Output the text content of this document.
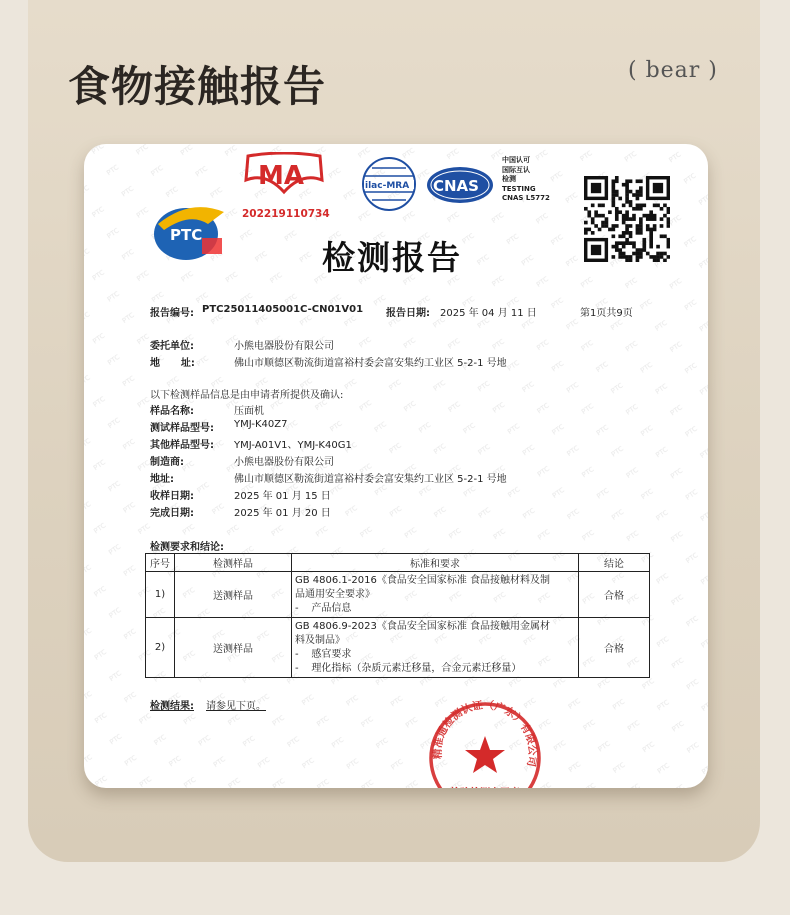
食物接触报告	( bear )
PTC
MA
202219110734
ilac-MRA CNAS
中国认可
国际互认
检测
TESTING
CNAS L5772
检测报告
报告编号: PTC25011405001C-CN01V01 报告日期: 2025 年 04 月 11 日	第1页共9页
委托单位:	小熊电器股份有限公司
地      址:	佛山市顺德区勒流街道富裕村委会富安集约工业区 5-2-1 号地
以下检测样品信息是由申请者所提供及确认:
样品名称:	压面机
测试样品型号: YMJ-K40Z7
其他样品型号: YMJ-A01V1、YMJ-K40G1
制造商:	小熊电器股份有限公司
地址:	佛山市顺德区勒流街道富裕村委会富安集约工业区 5-2-1 号地
收样日期:	2025 年 01 月 15 日
完成日期:	2025 年 01 月 20 日
检测要求和结论:
序号	检测样品	标准和要求	结论
1)	送测样品	GB 4806.1-2016《食品安全国家标准 食品接触材料及制
品通用安全要求》
-    产品信息	合格
2)	送测样品	GB 4806.9-2023《食品安全国家标准 食品接触用金属材
料及制品》
-    感官要求
-    理化指标（杂质元素迁移量，合金元素迁移量）	合格
检测结果: 请参见下页。
精准通检测认证（广东）有限公司
